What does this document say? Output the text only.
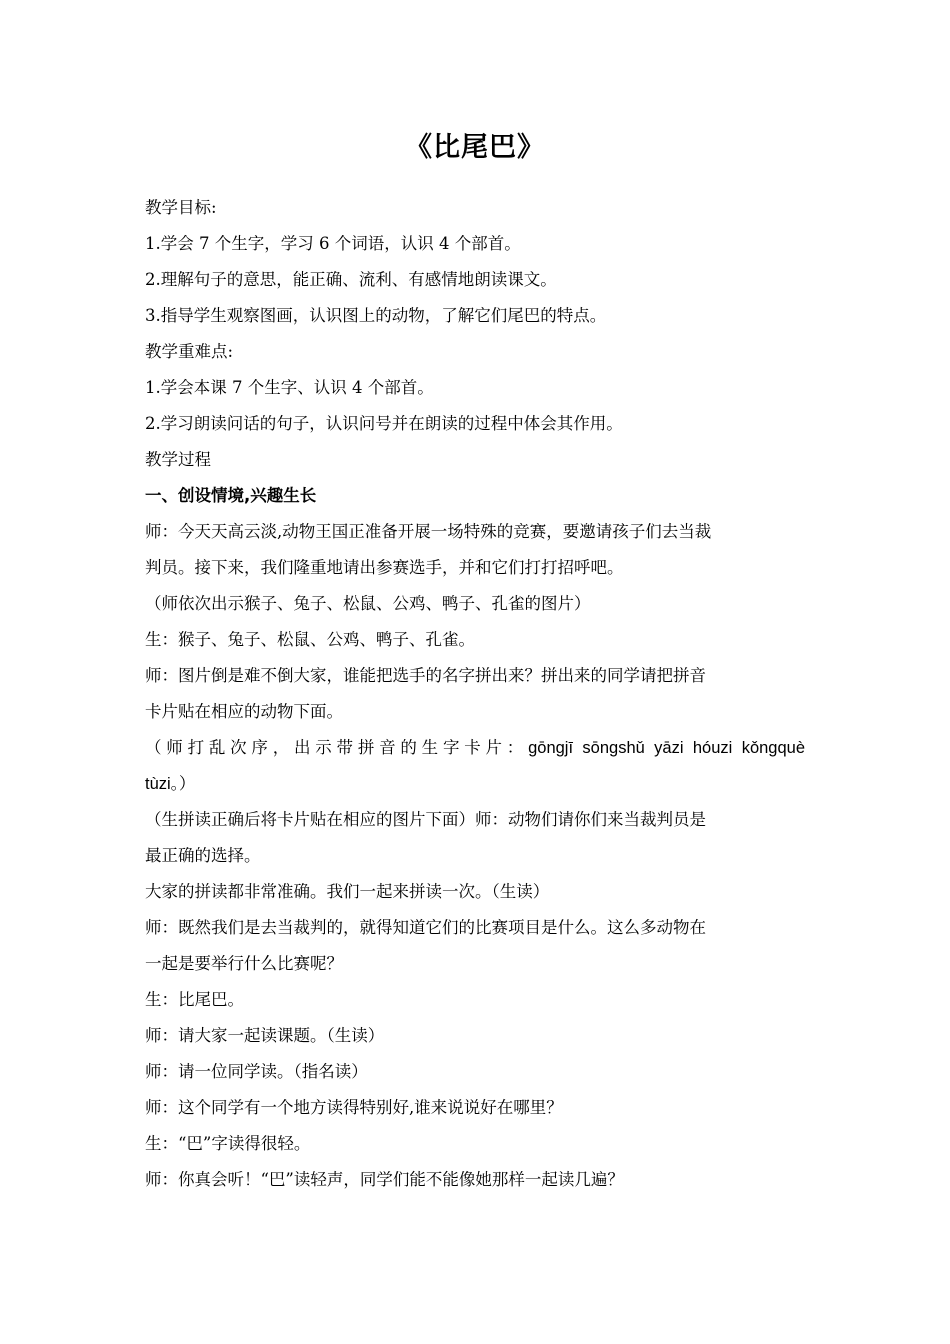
《比尾巴》
教学目标:
1.学会 7 个生字，学习 6 个词语，认识 4 个部首。
2.理解句子的意思，能正确、流利、有感情地朗读课文。
3.指导学生观察图画，认识图上的动物，了解它们尾巴的特点。
教学重难点:
1.学会本课 7 个生字、认识 4 个部首。
2.学习朗读问话的句子，认识问号并在朗读的过程中体会其作用。
教学过程
一、创设情境,兴趣生长
师：今天天高云淡,动物王国正准备开展一场特殊的竞赛，要邀请孩子们去当裁
判员。接下来，我们隆重地请出参赛选手，并和它们打打招呼吧。
（师依次出示猴子、兔子、松鼠、公鸡、鸭子、孔雀的图片）
生：猴子、兔子、松鼠、公鸡、鸭子、孔雀。
师：图片倒是难不倒大家，谁能把选手的名字拼出来？拼出来的同学请把拼音
卡片贴在相应的动物下面。
（师打乱次序，出示带拼音的生字卡片：gōngjī sōngshǔ yāzi hóuzi kǒngquè
tùzi。）
（生拼读正确后将卡片贴在相应的图片下面）师：动物们请你们来当裁判员是
最正确的选择。
大家的拼读都非常准确。我们一起来拼读一次。（生读）
师：既然我们是去当裁判的，就得知道它们的比赛项目是什么。这么多动物在
一起是要举行什么比赛呢？
生：比尾巴。
师：请大家一起读课题。（生读）
师：请一位同学读。（指名读）
师：这个同学有一个地方读得特别好,谁来说说好在哪里？
生：“巴”字读得很轻。
师：你真会听！“巴”读轻声，同学们能不能像她那样一起读几遍？
